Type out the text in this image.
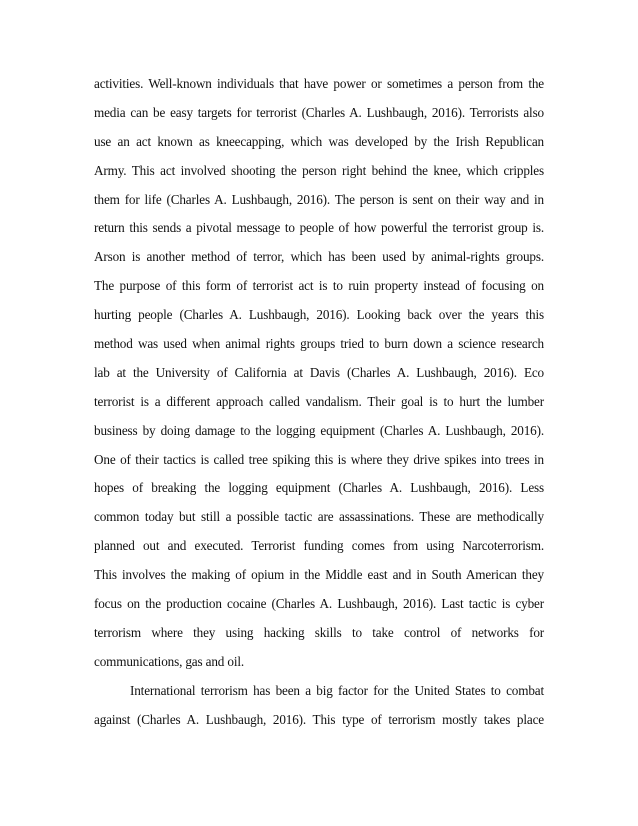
activities. Well-known individuals that have power or sometimes a person from the
media can be easy targets for terrorist (Charles A. Lushbaugh, 2016). Terrorists also
use an act known as kneecapping, which was developed by the Irish Republican
Army. This act involved shooting the person right behind the knee, which cripples
them for life (Charles A. Lushbaugh, 2016). The person is sent on their way and in
return this sends a pivotal message to people of how powerful the terrorist group is.
Arson is another method of terror, which has been used by animal-rights groups.
The purpose of this form of terrorist act is to ruin property instead of focusing on
hurting people (Charles A. Lushbaugh, 2016). Looking back over the years this
method was used when animal rights groups tried to burn down a science research
lab at the University of California at Davis (Charles A. Lushbaugh, 2016). Eco
terrorist is a different approach called vandalism. Their goal is to hurt the lumber
business by doing damage to the logging equipment (Charles A. Lushbaugh, 2016).
One of their tactics is called tree spiking this is where they drive spikes into trees in
hopes of breaking the logging equipment (Charles A. Lushbaugh, 2016). Less
common today but still a possible tactic are assassinations. These are methodically
planned out and executed. Terrorist funding comes from using Narcoterrorism.
This involves the making of opium in the Middle east and in South American they
focus on the production cocaine (Charles A. Lushbaugh, 2016). Last tactic is cyber
terrorism where they using hacking skills to take control of networks for
communications, gas and oil.
International terrorism has been a big factor for the United States to combat
against (Charles A. Lushbaugh, 2016). This type of terrorism mostly takes place
